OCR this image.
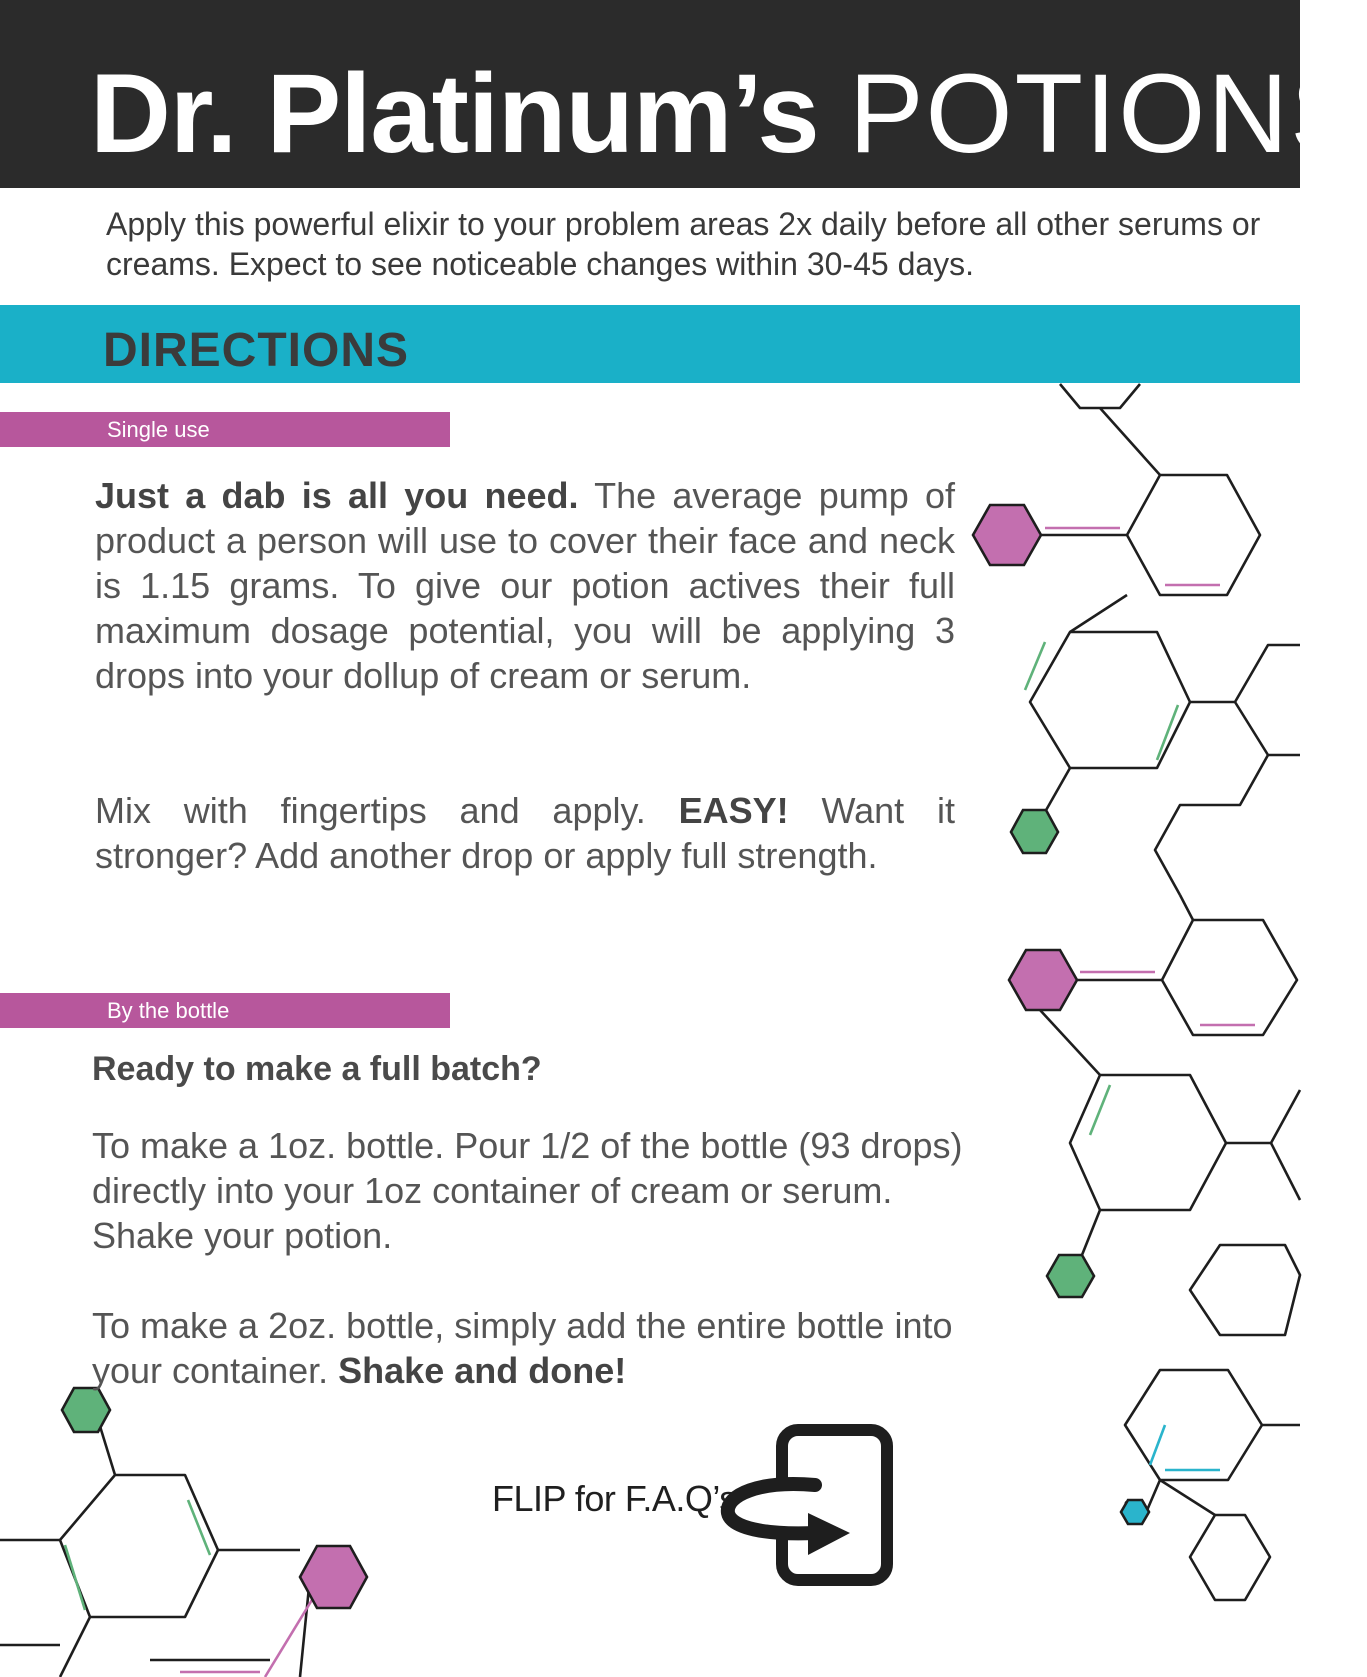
Dr. Platinum’s POTIONS

Apply this powerful elixir to your problem areas 2x daily before all other serums or creams. Expect to see noticeable changes within 30-45 days.

DIRECTIONS
Single use

Just a dab is all you need. The average pump of product a person will use to cover their face and neck is 1.15 grams. To give our potion actives their full maximum dosage potential, you will be applying 3 drops into your dollup of cream or serum.

Mix with fingertips and apply. EASY! Want it stronger? Add another drop or apply full strength.

By the bottle
Ready to make a full batch?

To make a 1oz. bottle. Pour 1/2 of the bottle (93 drops) directly into your 1oz container of cream or serum. Shake your potion.

To make a 2oz. bottle, simply add the entire bottle into your container. Shake and done!

FLIP for F.A.Q’s
